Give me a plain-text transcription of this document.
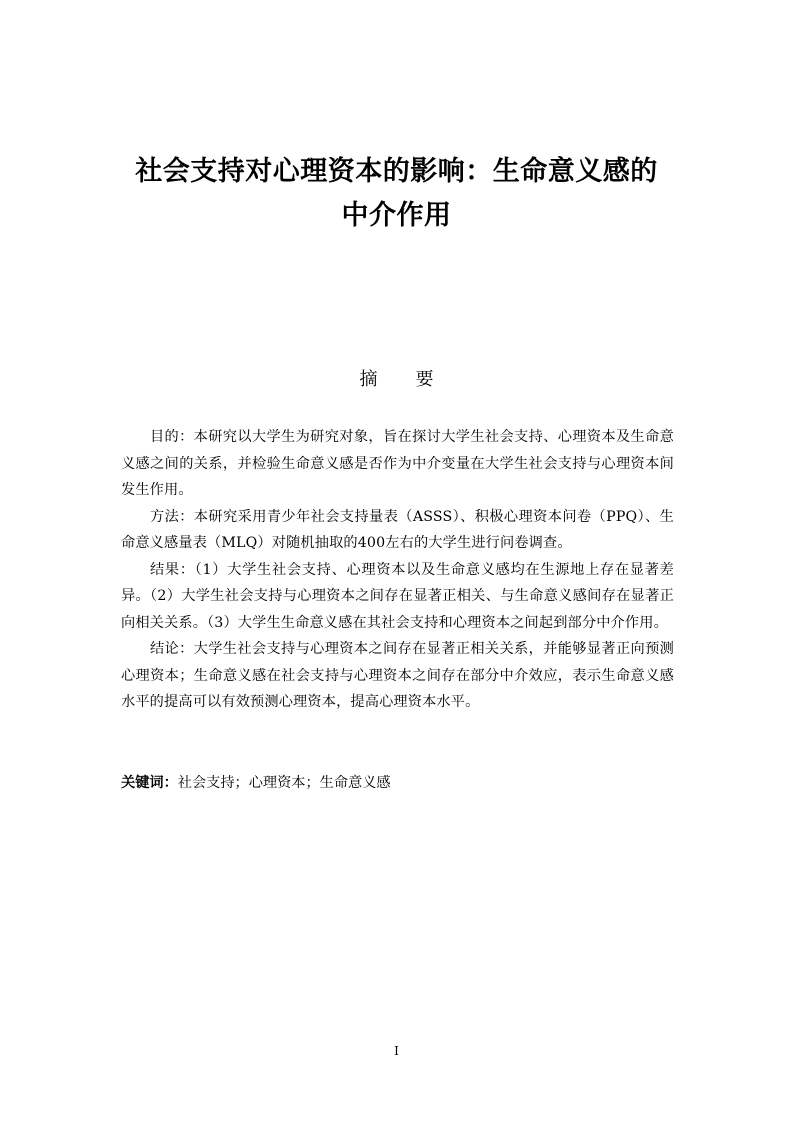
社会支持对心理资本的影响：生命意义感的
中介作用
摘 要

目的：本研究以大学生为研究对象，旨在探讨大学生社会支持、心理资本及生命意义感之间的关系，并检验生命意义感是否作为中介变量在大学生社会支持与心理资本间发生作用。

方法：本研究采用青少年社会支持量表（ASSS）、积极心理资本问卷（PPQ）、生命意义感量表（MLQ）对随机抽取的400左右的大学生进行问卷调查。

结果：（1）大学生社会支持、心理资本以及生命意义感均在生源地上存在显著差异。（2）大学生社会支持与心理资本之间存在显著正相关、与生命意义感间存在显著正向相关关系。（3）大学生生命意义感在其社会支持和心理资本之间起到部分中介作用。

结论：大学生社会支持与心理资本之间存在显著正相关关系，并能够显著正向预测心理资本；生命意义感在社会支持与心理资本之间存在部分中介效应，表示生命意义感水平的提高可以有效预测心理资本，提高心理资本水平。

关键词：社会支持；心理资本；生命意义感
I
